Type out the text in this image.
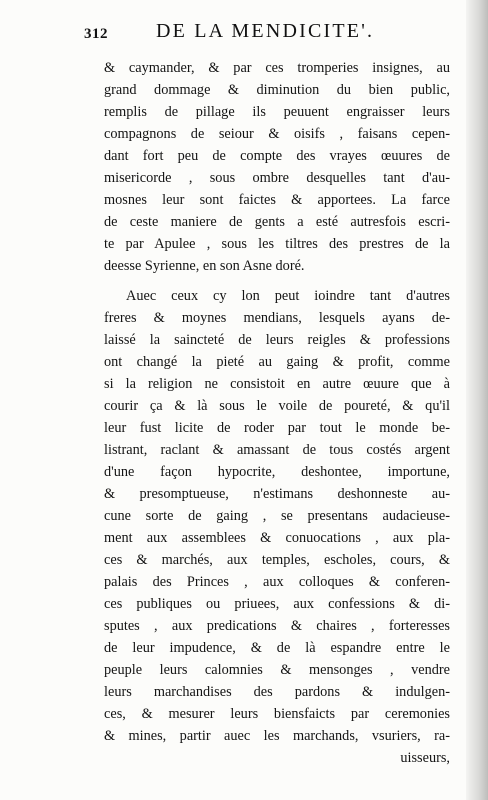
312 DE LA MENDICITE'.
& caymander, & par ces tromperies insignes, au
grand dommage & diminution du bien public,
remplis de pillage ils peuuent engraisser leurs
compagnons de seiour & oisifs , faisans cepen-
dant fort peu de compte des vrayes œuures de
misericorde , sous ombre desquelles tant d'au-
mosnes leur sont faictes & apportees. La farce
de ceste maniere de gents a esté autresfois escri-
te par Apulee , sous les tiltres des prestres de la
deesse Syrienne, en son Asne doré.
Auec ceux cy lon peut ioindre tant d'autres
freres & moynes mendians, lesquels ayans de-
laissé la saincteté de leurs reigles & professions
ont changé la pieté au gaing & profit, comme
si la religion ne consistoit en autre œuure que à
courir ça & là sous le voile de poureté, & qu'il
leur fust licite de roder par tout le monde be-
listrant, raclant & amassant de tous costés argent
d'une façon hypocrite, deshontee, importune,
& presomptueuse, n'estimans deshonneste au-
cune sorte de gaing , se presentans audacieuse-
ment aux assemblees & conuocations , aux pla-
ces & marchés, aux temples, escholes, cours, &
palais des Princes , aux colloques & conferen-
ces publiques ou priuees, aux confessions & di-
sputes , aux predications & chaires , forteresses
de leur impudence, & de là espandre entre le
peuple leurs calomnies & mensonges , vendre
leurs marchandises des pardons & indulgen-
ces, & mesurer leurs biensfaicts par ceremonies
& mines, partir auec les marchands, vsuriers, ra-
uisseurs,
